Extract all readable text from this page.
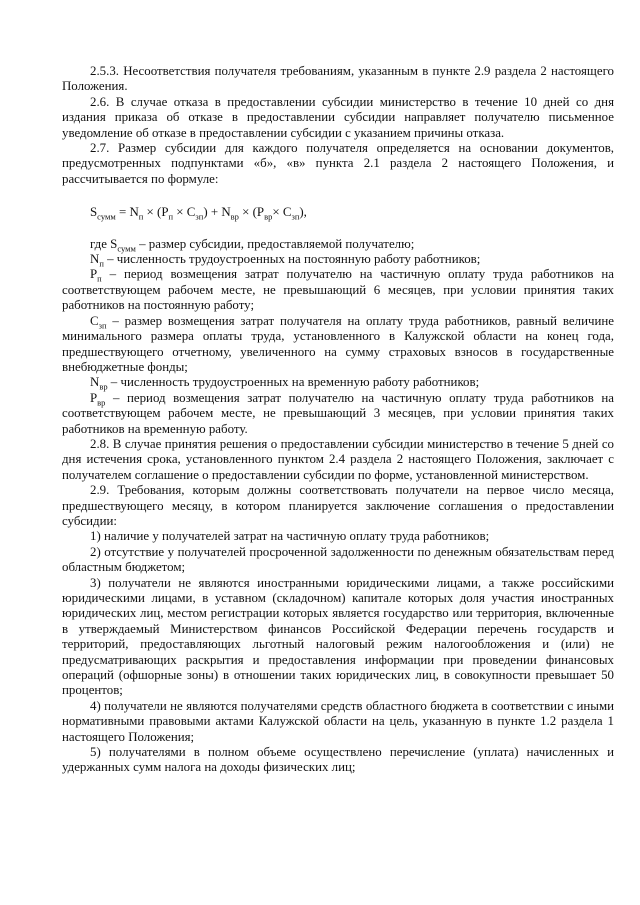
2.5.3. Несоответствия получателя требованиям, указанным в пункте 2.9 раздела 2 настоящего Положения.

2.6. В случае отказа в предоставлении субсидии министерство в течение 10 дней со дня издания приказа об отказе в предоставлении субсидии направляет получателю письменное уведомление об отказе в предоставлении субсидии с указанием причины отказа.

2.7. Размер субсидии для каждого получателя определяется на основании документов, предусмотренных подпунктами «б», «в» пункта 2.1 раздела 2 настоящего Положения, и рассчитывается по формуле:

$S_{сумм} = N_п \times (P_п \times C_{зп}) + N_{вр} \times (P_{вр}\times C_{зп})$,

где $S_{сумм}$ – размер субсидии, предоставляемой получателю;

$N_п$ – численность трудоустроенных на постоянную работу работников;

$P_п$ – период возмещения затрат получателю на частичную оплату труда работников на соответствующем рабочем месте, не превышающий 6 месяцев, при условии принятия таких работников на постоянную работу;

$C_{зп}$ – размер возмещения затрат получателя на оплату труда работников, равный величине минимального размера оплаты труда, установленного в Калужской области на конец года, предшествующего отчетному, увеличенного на сумму страховых взносов в государственные внебюджетные фонды;

$N_{вр}$ – численность трудоустроенных на временную работу работников;

$P_{вр}$ – период возмещения затрат получателю на частичную оплату труда работников на соответствующем рабочем месте, не превышающий 3 месяцев, при условии принятия таких работников на временную работу.

2.8. В случае принятия решения о предоставлении субсидии министерство в течение 5 дней со дня истечения срока, установленного пунктом 2.4 раздела 2 настоящего Положения, заключает с получателем соглашение о предоставлении субсидии по форме, установленной министерством.

2.9. Требования, которым должны соответствовать получатели на первое число месяца, предшествующего месяцу, в котором планируется заключение соглашения о предоставлении субсидии:

1) наличие у получателей затрат на частичную оплату труда работников;

2) отсутствие у получателей просроченной задолженности по денежным обязательствам перед областным бюджетом;

3) получатели не являются иностранными юридическими лицами, а также российскими юридическими лицами, в уставном (складочном) капитале которых доля участия иностранных юридических лиц, местом регистрации которых является государство или территория, включенные в утверждаемый Министерством финансов Российской Федерации перечень государств и территорий, предоставляющих льготный налоговый режим налогообложения и (или) не предусматривающих раскрытия и предоставления информации при проведении финансовых операций (офшорные зоны) в отношении таких юридических лиц, в совокупности превышает 50 процентов;

4) получатели не являются получателями средств областного бюджета в соответствии с иными нормативными правовыми актами Калужской области на цель, указанную в пункте 1.2 раздела 1 настоящего Положения;

5) получателями в полном объеме осуществлено перечисление (уплата) начисленных и удержанных сумм налога на доходы физических лиц;
